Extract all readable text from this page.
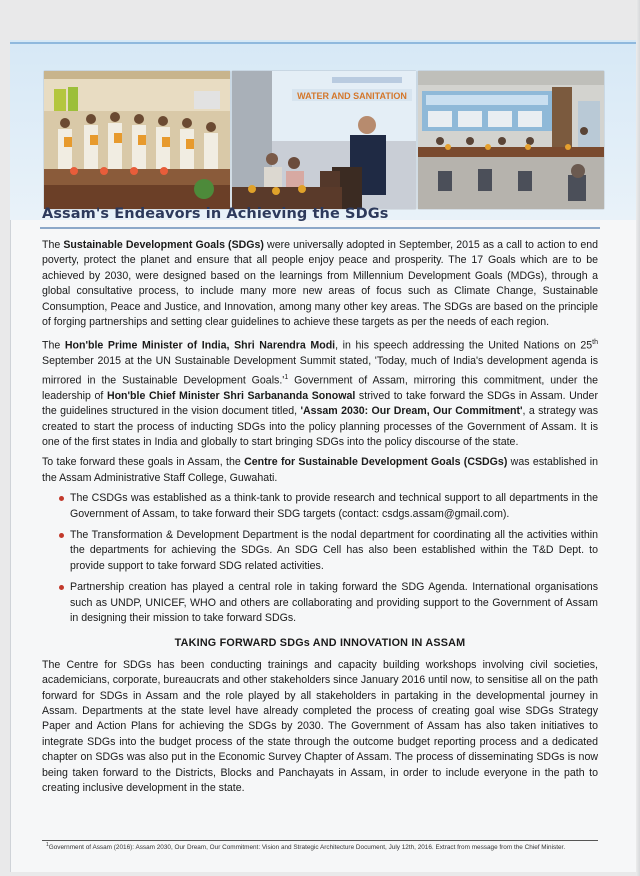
WATER AND SANITATION
Assam's Endeavors in Achieving the SDGs

The Sustainable Development Goals (SDGs) were universally adopted in September, 2015 as a call to action to end poverty, protect the planet and ensure that all people enjoy peace and prosperity. The 17 Goals which are to be achieved by 2030, were designed based on the learnings from Millennium Development Goals (MDGs), through a global consultative process, to include many more new areas of focus such as Climate Change, Sustainable Consumption, Peace and Justice, and Innovation, among many other key areas. The SDGs are based on the principle of forging partnerships and setting clear guidelines to achieve these targets as per the needs of each region.

The Hon'ble Prime Minister of India, Shri Narendra Modi, in his speech addressing the United Nations on 25th September 2015 at the UN Sustainable Development Summit stated, 'Today, much of India's development agenda is mirrored in the Sustainable Development $Goals.'^1$ Government of Assam, mirroring this commitment, under the leadership of Hon'ble Chief Minister Shri Sarbananda Sonowal strived to take forward the SDGs in Assam. Under the guidelines structured in the vision document titled, 'Assam 2030: Our Dream, Our Commitment', a strategy was created to start the process of inducting SDGs into the policy planning processes of the Government of Assam. It is one of the first states in India and globally to start bringing SDGs into the policy discourse of the state.

To take forward these goals in Assam, the Centre for Sustainable Development Goals (CSDGs) was established in the Assam Administrative Staff College, Guwahati.

The CSDGs was established as a think-tank to provide research and technical support to all departments in the Government of Assam, to take forward their SDG targets (contact: csdgs.assam@gmail.com).
The Transformation & Development Department is the nodal department for coordinating all the activities within the departments for achieving the SDGs. An SDG Cell has also been established within the T&D Dept. to provide support to take forward SDG related activities.
Partnership creation has played a central role in taking forward the SDG Agenda. International organisations such as UNDP, UNICEF, WHO and others are collaborating and providing support to the Government of Assam in designing their mission to take forward SDGs.
TAKING FORWARD SDGs AND INNOVATION IN ASSAM

The Centre for SDGs has been conducting trainings and capacity building workshops involving civil societies, academicians, corporate, bureaucrats and other stakeholders since January 2016 until now, to sensitise all on the path forward for SDGs in Assam and the role played by all stakeholders in partaking in the developmental journey in Assam. Departments at the state level have already completed the process of creating goal wise SDGs Strategy Paper and Action Plans for achieving the SDGs by 2030. The Government of Assam has also taken initiatives to integrate SDGs into the budget process of the state through the outcome budget reporting process and a dedicated chapter on SDGs was also put in the Economic Survey Chapter of Assam. The process of disseminating SDGs is now being taken forward to the Districts, Blocks and Panchayats in Assam, in order to include everyone in the path to creating inclusive development in the state.

$^1$Government of Assam (2016): Assam 2030, Our Dream, Our Commitment: Vision and Strategic Architecture Document, July 12th, 2016. Extract from message from the Chief Minister.
